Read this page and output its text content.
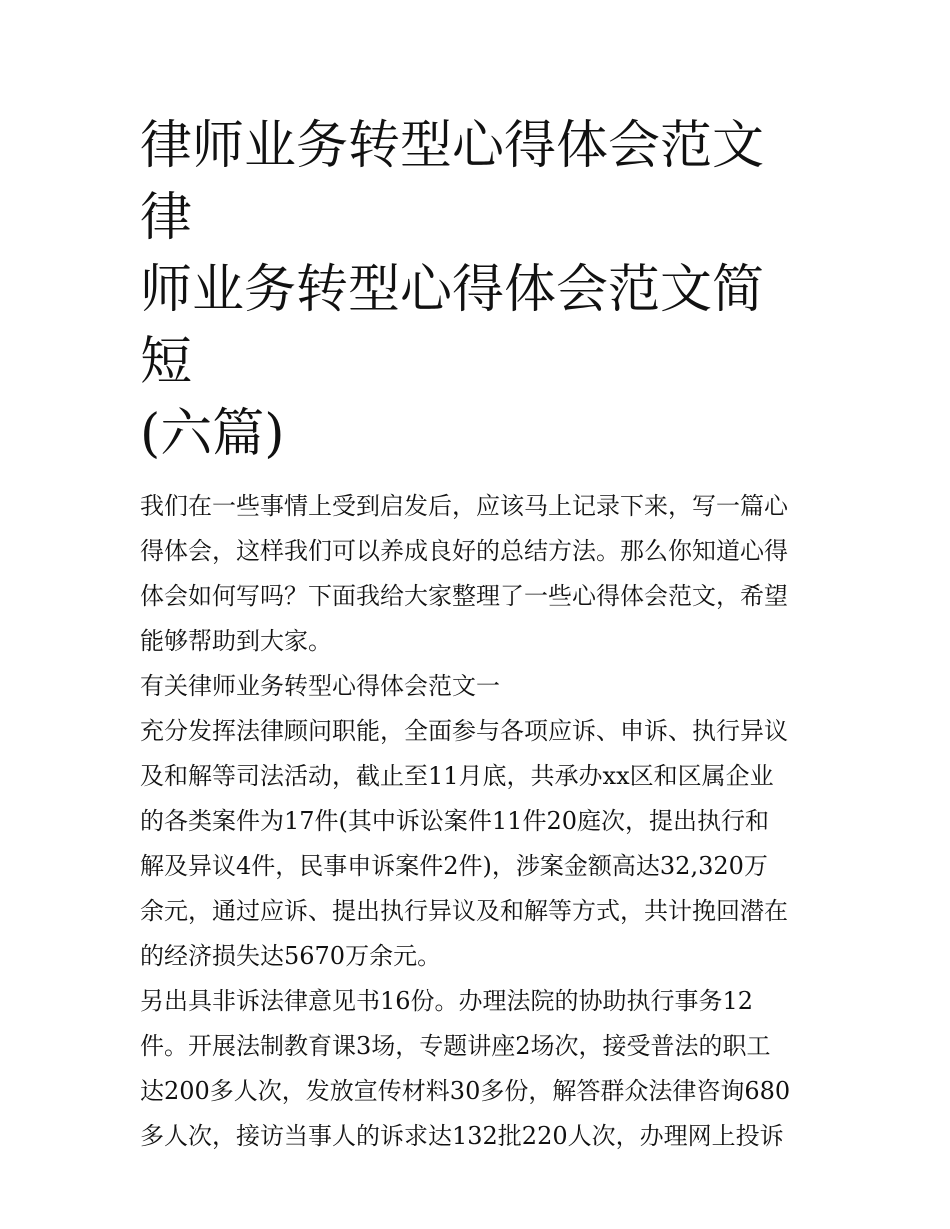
律师业务转型心得体会范文 律
师业务转型心得体会范文简短
(六篇)
我们在一些事情上受到启发后，应该马上记录下来，写一篇心
得体会，这样我们可以养成良好的总结方法。那么你知道心得
体会如何写吗？下面我给大家整理了一些心得体会范文，希望
能够帮助到大家。
有关律师业务转型心得体会范文一
充分发挥法律顾问职能，全面参与各项应诉、申诉、执行异议
及和解等司法活动，截止至11月底，共承办xx区和区属企业
的各类案件为17件(其中诉讼案件11件20庭次，提出执行和
解及异议4件，民事申诉案件2件)，涉案金额高达32,320万
余元，通过应诉、提出执行异议及和解等方式，共计挽回潜在
的经济损失达5670万余元。
另出具非诉法律意见书16份。办理法院的协助执行事务12
件。开展法制教育课3场，专题讲座2场次，接受普法的职工
达200多人次，发放宣传材料30多份，解答群众法律咨询680
多人次，接访当事人的诉求达132批220人次，办理网上投诉
